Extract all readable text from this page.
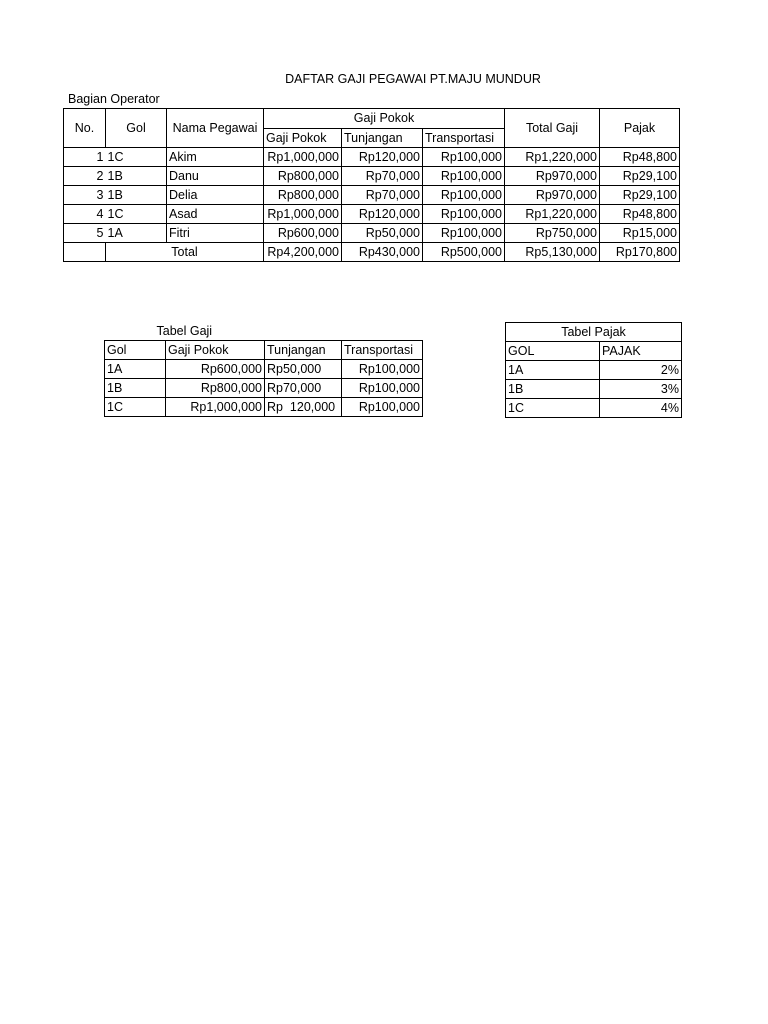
DAFTAR GAJI PEGAWAI PT.MAJU MUNDUR
Bagian Operator
No.	Gol	Nama Pegawai	Gaji Pokok			Total Gaji	Pajak
			Gaji Pokok	Tunjangan	Transportasi		
1	1C	Akim	Rp1,000,000	Rp120,000	Rp100,000	Rp1,220,000	Rp48,800
2	1B	Danu	Rp800,000	Rp70,000	Rp100,000	Rp970,000	Rp29,100
3	1B	Delia	Rp800,000	Rp70,000	Rp100,000	Rp970,000	Rp29,100
4	1C	Asad	Rp1,000,000	Rp120,000	Rp100,000	Rp1,220,000	Rp48,800
5	1A	Fitri	Rp600,000	Rp50,000	Rp100,000	Rp750,000	Rp15,000
	Total		Rp4,200,000	Rp430,000	Rp500,000	Rp5,130,000	Rp170,800
Tabel Gaji			
Gol	Gaji Pokok	Tunjangan	Transportasi
1A	Rp600,000	Rp50,000	Rp100,000
1B	Rp800,000	Rp70,000	Rp100,000
1C	Rp1,000,000	Rp  120,000	Rp100,000
Tabel Pajak	
GOL	PAJAK
1A	2%
1B	3%
1C	4%
